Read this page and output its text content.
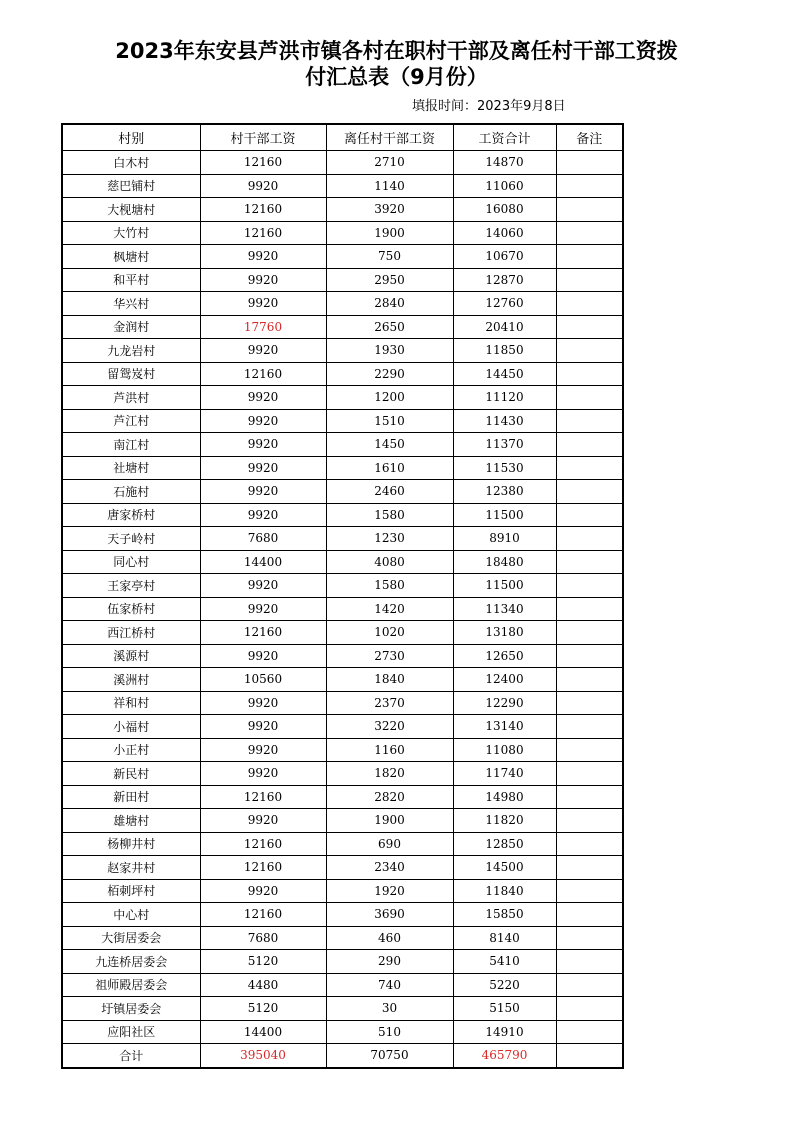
2023年东安县芦洪市镇各村在职村干部及离任村干部工资拨
付汇总表（9月份）
填报时间：2023年9月8日
村别	村干部工资	离任村干部工资	工资合计	备注
白木村	12160	2710	14870	
慈巴铺村	9920	1140	11060	
大枧塘村	12160	3920	16080	
大竹村	12160	1900	14060	
枫塘村	9920	750	10670	
和平村	9920	2950	12870	
华兴村	9920	2840	12760	
金润村	17760	2650	20410	
九龙岩村	9920	1930	11850	
留鸳岌村	12160	2290	14450	
芦洪村	9920	1200	11120	
芦江村	9920	1510	11430	
南江村	9920	1450	11370	
社塘村	9920	1610	11530	
石施村	9920	2460	12380	
唐家桥村	9920	1580	11500	
天子岭村	7680	1230	8910	
同心村	14400	4080	18480	
王家亭村	9920	1580	11500	
伍家桥村	9920	1420	11340	
西江桥村	12160	1020	13180	
溪源村	9920	2730	12650	
溪洲村	10560	1840	12400	
祥和村	9920	2370	12290	
小福村	9920	3220	13140	
小正村	9920	1160	11080	
新民村	9920	1820	11740	
新田村	12160	2820	14980	
雄塘村	9920	1900	11820	
杨柳井村	12160	690	12850	
赵家井村	12160	2340	14500	
栢刺坪村	9920	1920	11840	
中心村	12160	3690	15850	
大街居委会	7680	460	8140	
九连桥居委会	5120	290	5410	
祖师殿居委会	4480	740	5220	
圩镇居委会	5120	30	5150	
应阳社区	14400	510	14910	
合计	395040	70750	465790	
